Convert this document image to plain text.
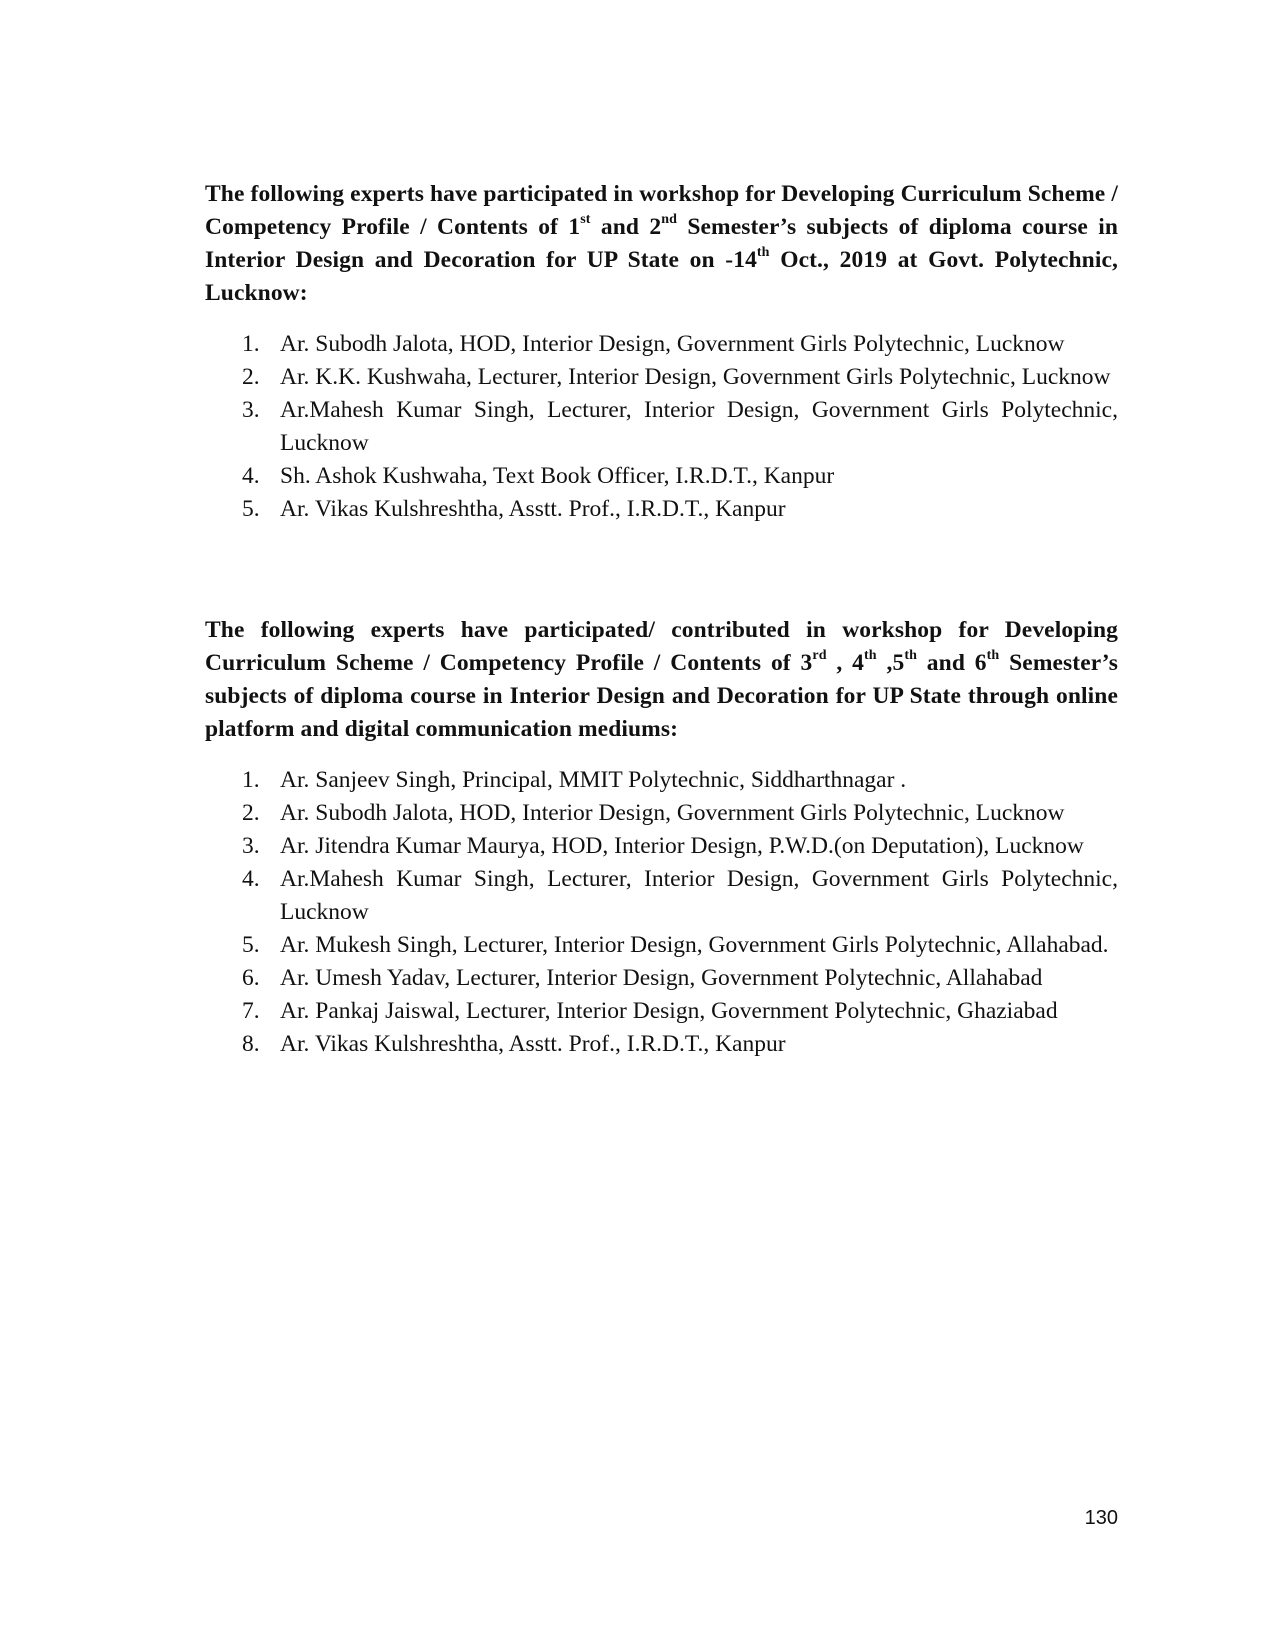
The following experts have participated in workshop for Developing Curriculum Scheme / Competency Profile / Contents of 1st and 2nd Semester’s subjects of diploma course in Interior Design and Decoration for UP State on -14th Oct., 2019 at Govt. Polytechnic, Lucknow:

1. Ar. Subodh Jalota, HOD, Interior Design, Government Girls Polytechnic, Lucknow
2. Ar. K.K. Kushwaha, Lecturer, Interior Design, Government Girls Polytechnic, Lucknow
3. Ar.Mahesh Kumar Singh, Lecturer, Interior Design, Government Girls Polytechnic, Lucknow
4. Sh. Ashok Kushwaha, Text Book Officer, I.R.D.T., Kanpur
5. Ar. Vikas Kulshreshtha, Asstt. Prof., I.R.D.T., Kanpur

The following experts have participated/ contributed in workshop for Developing Curriculum Scheme / Competency Profile / Contents of 3rd , 4th ,5th and 6th Semester’s subjects of diploma course in Interior Design and Decoration for UP State through online platform and digital communication mediums:

1. Ar. Sanjeev Singh, Principal, MMIT Polytechnic, Siddharthnagar .
2. Ar. Subodh Jalota, HOD, Interior Design, Government Girls Polytechnic, Lucknow
3. Ar. Jitendra Kumar Maurya, HOD, Interior Design, P.W.D.(on Deputation), Lucknow
4. Ar.Mahesh Kumar Singh, Lecturer, Interior Design, Government Girls Polytechnic, Lucknow
5. Ar. Mukesh Singh, Lecturer, Interior Design, Government Girls Polytechnic, Allahabad.
6. Ar. Umesh Yadav, Lecturer, Interior Design, Government Polytechnic, Allahabad
7. Ar. Pankaj Jaiswal, Lecturer, Interior Design, Government Polytechnic, Ghaziabad
8. Ar. Vikas Kulshreshtha, Asstt. Prof., I.R.D.T., Kanpur
130
